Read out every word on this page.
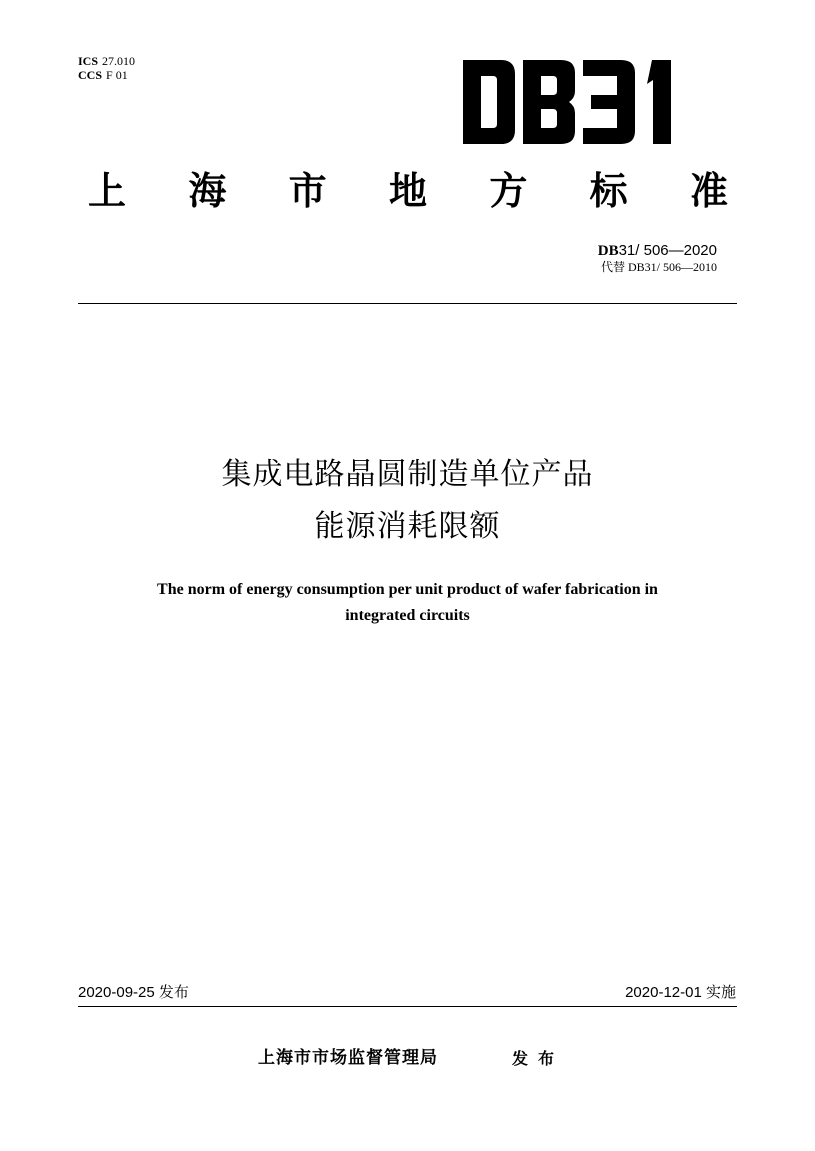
ICS 27.010
CCS F 01
上 海 市 地 方 标 准
DB31/ 506—2020
代替 DB31/ 506—2010
集成电路晶圆制造单位产品
能源消耗限额
The norm of energy consumption per unit product of wafer fabrication in
integrated circuits
2020-09-25 发布	2020-12-01 实施
上海市市场监督管理局	发布
